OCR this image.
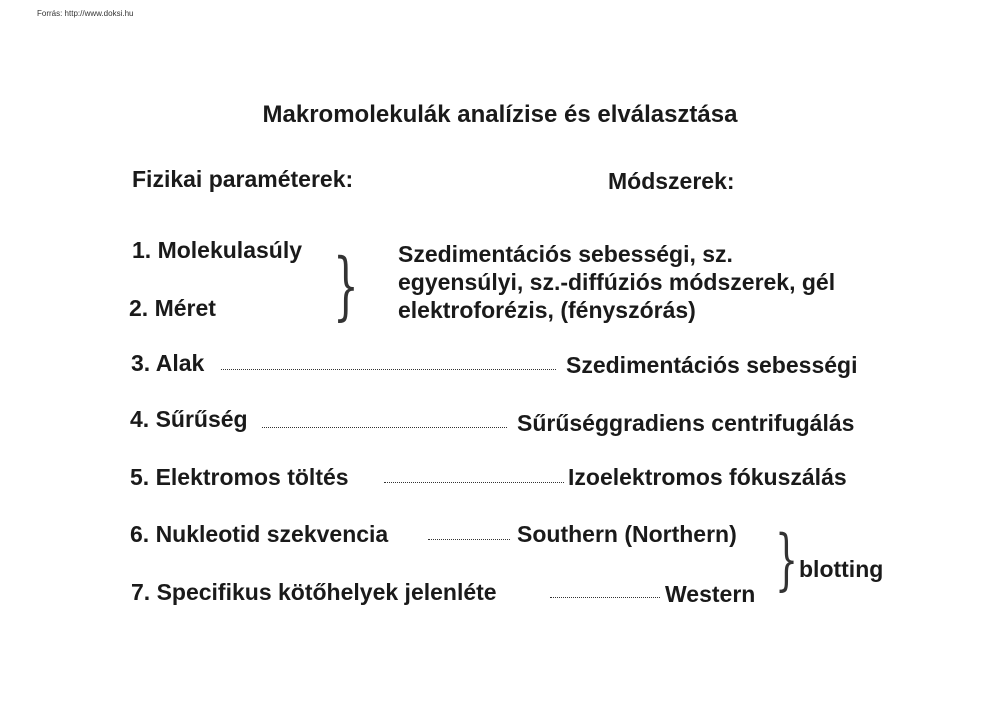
Forrás: http://www.doksi.hu
Makromolekulák analízise és elválasztása
Fizikai paraméterek:	Módszerek:
1. Molekulasúly
2. Méret } Szedimentációs sebességi, sz.
egyensúlyi, sz.-diffúziós módszerek, gél
elektroforézis, (fényszórás)
3. Alak	Szedimentációs sebességi
4. Sűrűség	Sűrűséggradiens centrifugálás
5. Elektromos töltés	Izoelektromos fókuszálás
6. Nukleotid szekvencia	Southern (Northern)
7. Specifikus kötőhelyek jelenléte	Western } blotting
